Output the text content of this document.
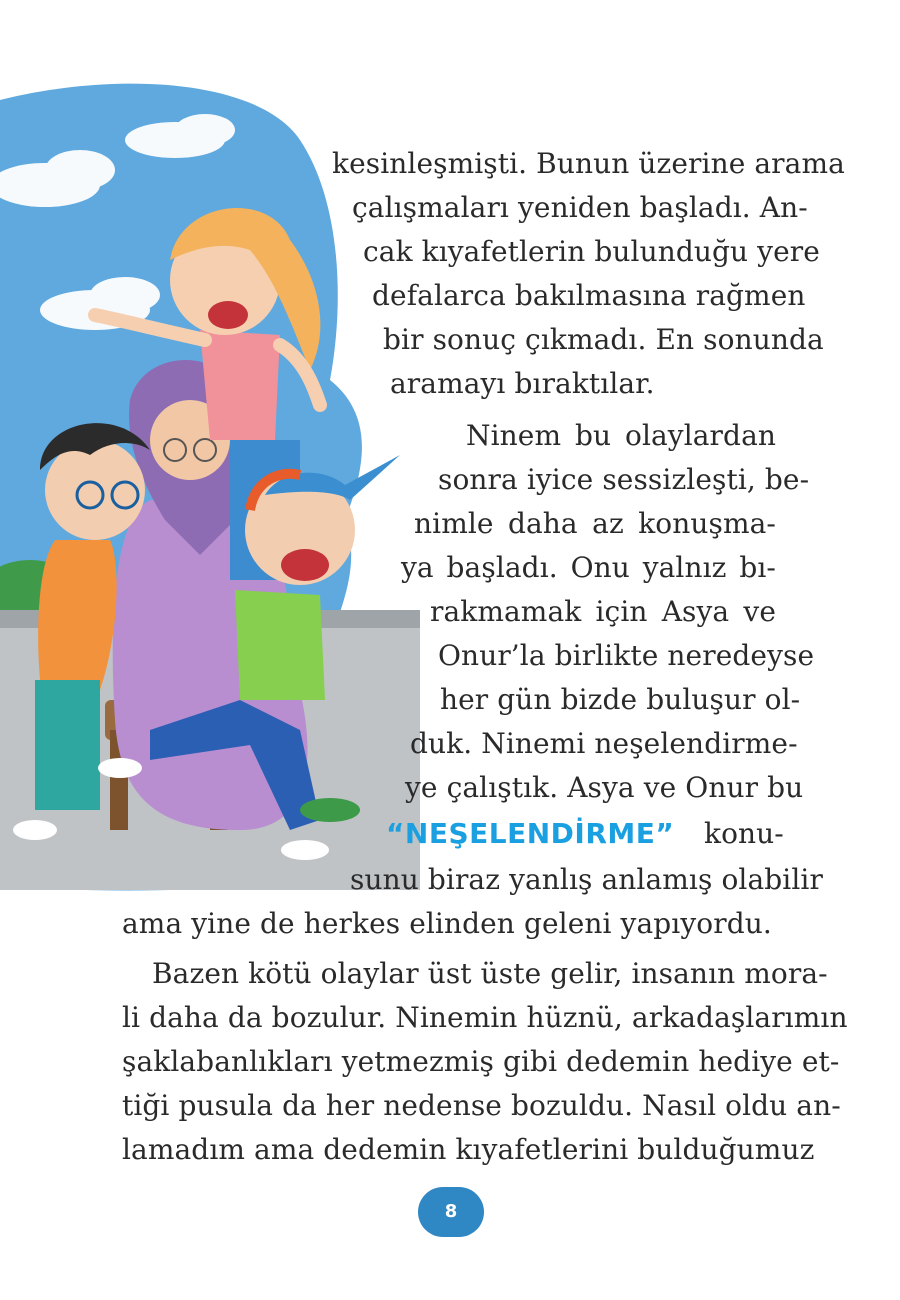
kesinleşmişti. Bunun üzerine arama
çalışmaları yeniden başladı. An-
cak kıyafetlerin bulunduğu yere
defalarca bakılmasına rağmen
bir sonuç çıkmadı. En sonunda
aramayı bıraktılar.
Ninem bu olaylardan
sonra iyice sessizleşti, be-
nimle daha az konuşma-
ya başladı. Onu yalnız bı-
rakmamak için Asya ve
Onur’la birlikte neredeyse
her gün bizde buluşur ol-
duk. Ninemi neşelendirme-
ye çalıştık. Asya ve Onur bu
“NEŞELENDİRME” konu-
sunu biraz yanlış anlamış olabilir
ama yine de herkes elinden geleni yapıyordu.
Bazen kötü olaylar üst üste gelir, insanın mora-
li daha da bozulur. Ninemin hüznü, arkadaşlarımın
şaklabanlıkları yetmezmiş gibi dedemin hediye et-
tiği pusula da her nedense bozuldu. Nasıl oldu an-
lamadım ama dedemin kıyafetlerini bulduğumuz
8
